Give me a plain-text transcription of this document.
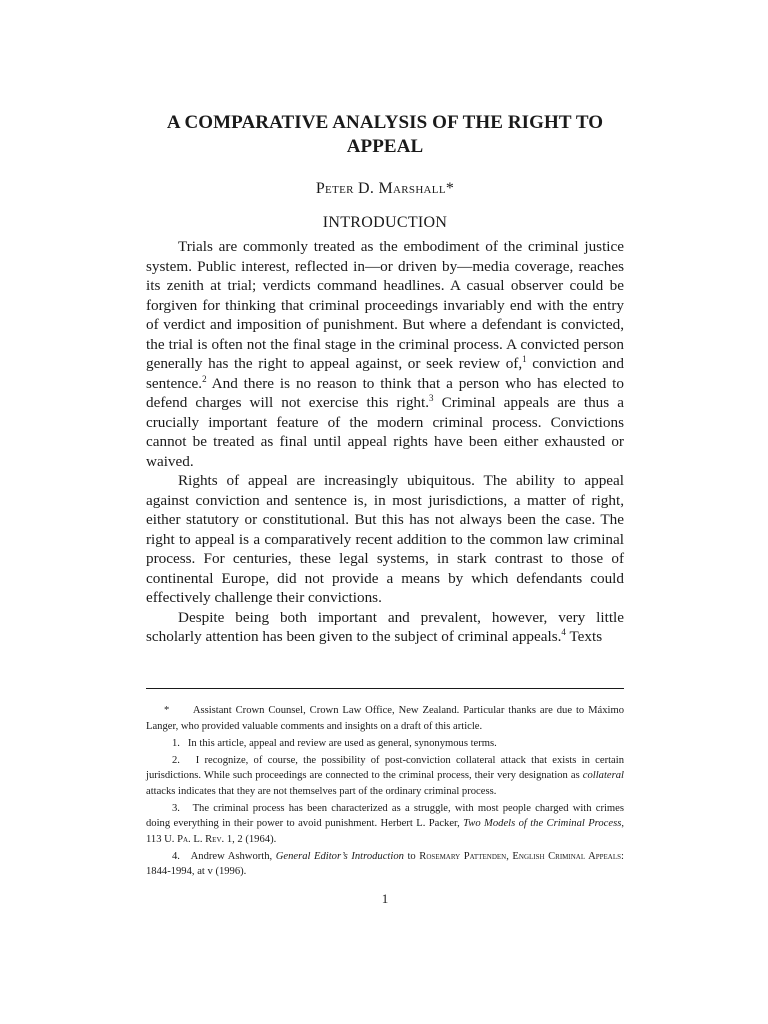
A COMPARATIVE ANALYSIS OF THE RIGHT TO APPEAL
Peter D. Marshall*
INTRODUCTION

Trials are commonly treated as the embodiment of the criminal justice system. Public interest, reflected in—or driven by—media coverage, reaches its zenith at trial; verdicts command headlines. A casual observer could be forgiven for thinking that criminal proceedings invariably end with the entry of verdict and imposition of punishment. But where a defendant is convicted, the trial is often not the final stage in the criminal process. A convicted person generally has the right to appeal against, or seek review of,$^1$ conviction and sentence.$^2$ And there is no reason to think that a person who has elected to defend charges will not exercise this right.$^3$ Criminal appeals are thus a crucially important feature of the modern criminal process. Convictions cannot be treated as final until appeal rights have been either exhausted or waived.

Rights of appeal are increasingly ubiquitous. The ability to appeal against conviction and sentence is, in most jurisdictions, a matter of right, either statutory or constitutional. But this has not always been the case. The right to appeal is a comparatively recent addition to the common law criminal process. For centuries, these legal systems, in stark contrast to those of continental Europe, did not provide a means by which defendants could effectively challenge their convictions.

Despite being both important and prevalent, however, very little scholarly attention has been given to the subject of criminal appeals.$^4$ Texts

* Assistant Crown Counsel, Crown Law Office, New Zealand. Particular thanks are due to Máximo Langer, who provided valuable comments and insights on a draft of this article.

1. In this article, appeal and review are used as general, synonymous terms.

2. I recognize, of course, the possibility of post-conviction collateral attack that exists in certain jurisdictions. While such proceedings are connected to the criminal process, their very designation as collateral attacks indicates that they are not themselves part of the ordinary criminal process.

3. The criminal process has been characterized as a struggle, with most people charged with crimes doing everything in their power to avoid punishment. Herbert L. Packer, Two Models of the Criminal Process, 113 U. Pa. L. Rev. 1, 2 (1964).

4. Andrew Ashworth, General Editor’s Introduction to Rosemary Pattenden, English Criminal Appeals: 1844-1994, at v (1996).

1
